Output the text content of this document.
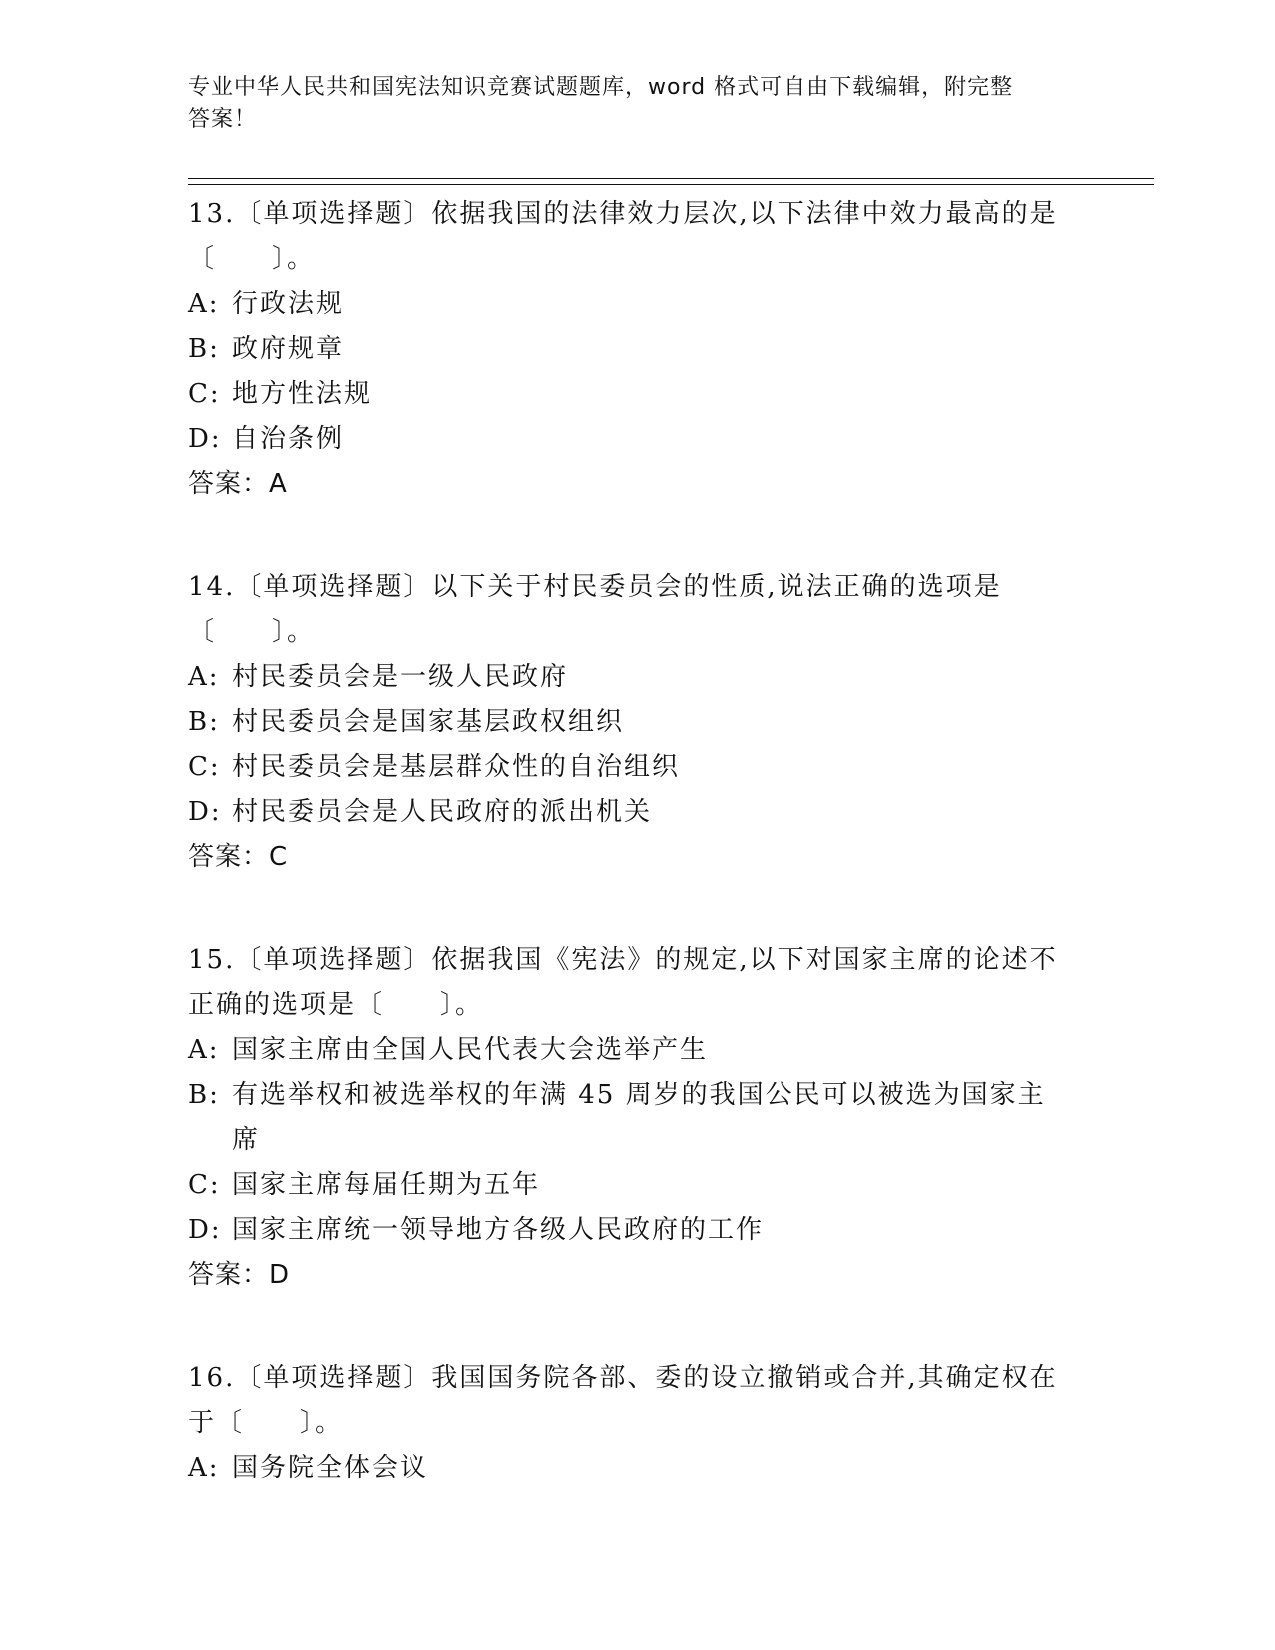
专业中华人民共和国宪法知识竞赛试题题库，word 格式可自由下载编辑，附完整
答案！

13.〔单项选择题〕依据我国的法律效力层次,以下法律中效力最高的是〔　　〕。

A: 行政法规
B: 政府规章
C: 地方性法规
D: 自治条例

答案：A

14.〔单项选择题〕以下关于村民委员会的性质,说法正确的选项是〔　　〕。

A: 村民委员会是一级人民政府
B: 村民委员会是国家基层政权组织
C: 村民委员会是基层群众性的自治组织
D: 村民委员会是人民政府的派出机关

答案：C

15.〔单项选择题〕依据我国《宪法》的规定,以下对国家主席的论述不正确的选项是〔　　〕。

A: 国家主席由全国人民代表大会选举产生
B: 有选举权和被选举权的年满 45 周岁的我国公民可以被选为国家主席
C: 国家主席每届任期为五年
D: 国家主席统一领导地方各级人民政府的工作

答案：D

16.〔单项选择题〕我国国务院各部、委的设立撤销或合并,其确定权在于〔　　〕。

A: 国务院全体会议
